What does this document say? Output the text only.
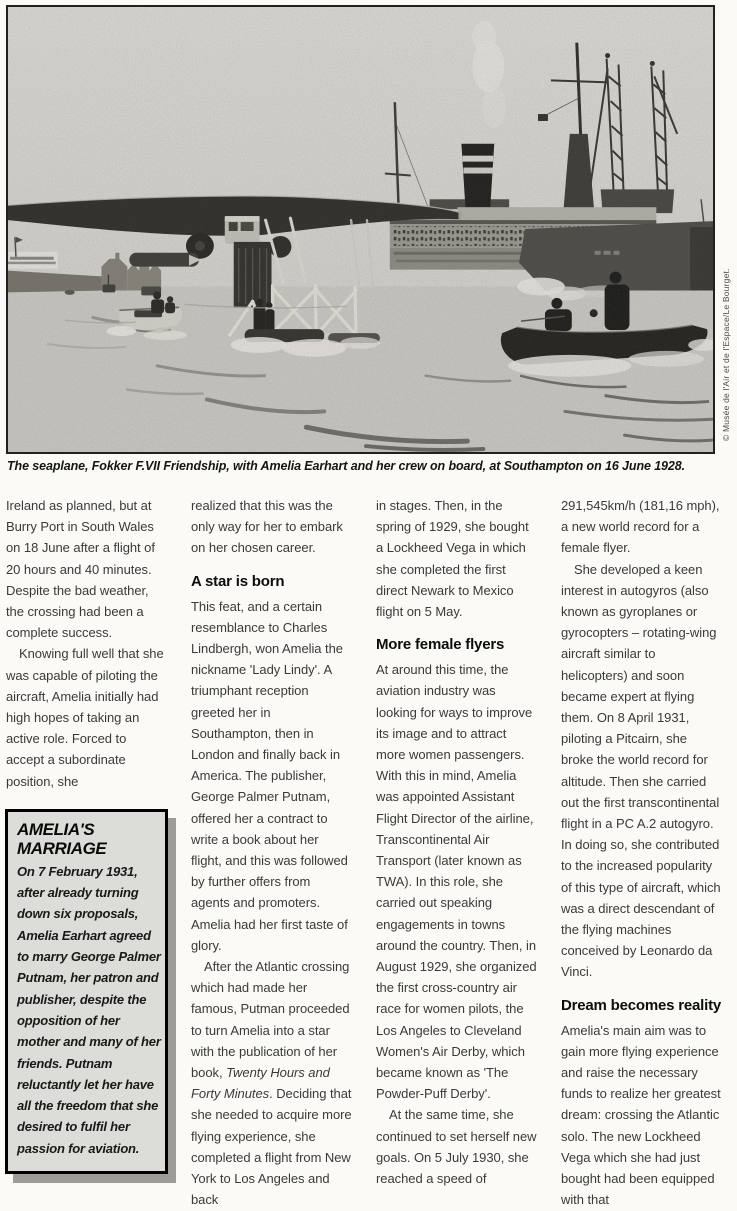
© Musée de l'Air et de l'Espace/Le Bourget.

The seaplane, Fokker F.VII Friendship, with Amelia Earhart and her crew on board, at Southampton on 16 June 1928.

Ireland as planned, but at Burry Port in South Wales on 18 June after a flight of 20 hours and 40 minutes. Despite the bad weather, the crossing had been a complete success.

Knowing full well that she was capable of piloting the aircraft, Amelia initially had high hopes of taking an active role. Forced to accept a subordinate position, she

AMELIA'S MARRIAGE

On 7 February 1931, after already turning down six proposals, Amelia Earhart agreed to marry George Palmer Putnam, her patron and publisher, despite the opposition of her mother and many of her friends. Putnam reluctantly let her have all the freedom that she desired to fulfil her passion for aviation.

realized that this was the only way for her to embark on her chosen career.

A star is born

This feat, and a certain resemblance to Charles Lindbergh, won Amelia the nickname 'Lady Lindy'. A triumphant reception greeted her in Southampton, then in London and finally back in America. The publisher, George Palmer Putnam, offered her a contract to write a book about her flight, and this was followed by further offers from agents and promoters. Amelia had her first taste of glory.

After the Atlantic crossing which had made her famous, Putman proceeded to turn Amelia into a star with the publication of her book, Twenty Hours and Forty Minutes. Deciding that she needed to acquire more flying experience, she completed a flight from New York to Los Angeles and back

in stages. Then, in the spring of 1929, she bought a Lockheed Vega in which she completed the first direct Newark to Mexico flight on 5 May.

More female flyers

At around this time, the aviation industry was looking for ways to improve its image and to attract more women passengers. With this in mind, Amelia was appointed Assistant Flight Director of the airline, Transcontinental Air Transport (later known as TWA). In this role, she carried out speaking engagements in towns around the country. Then, in August 1929, she organized the first cross-country air race for women pilots, the Los Angeles to Cleveland Women's Air Derby, which became known as 'The Powder-Puff Derby'.

At the same time, she continued to set herself new goals. On 5 July 1930, she reached a speed of

291,545km/h (181,16 mph), a new world record for a female flyer.

She developed a keen interest in autogyros (also known as gyroplanes or gyrocopters – rotating-wing aircraft similar to helicopters) and soon became expert at flying them. On 8 April 1931, piloting a Pitcairn, she broke the world record for altitude. Then she carried out the first transcontinental flight in a PC A.2 autogyro. In doing so, she contributed to the increased popularity of this type of aircraft, which was a direct descendant of the flying machines conceived by Leonardo da Vinci.

Dream becomes reality

Amelia's main aim was to gain more flying experience and raise the necessary funds to realize her greatest dream: crossing the Atlantic solo. The new Lockheed Vega which she had just bought had been equipped with that
